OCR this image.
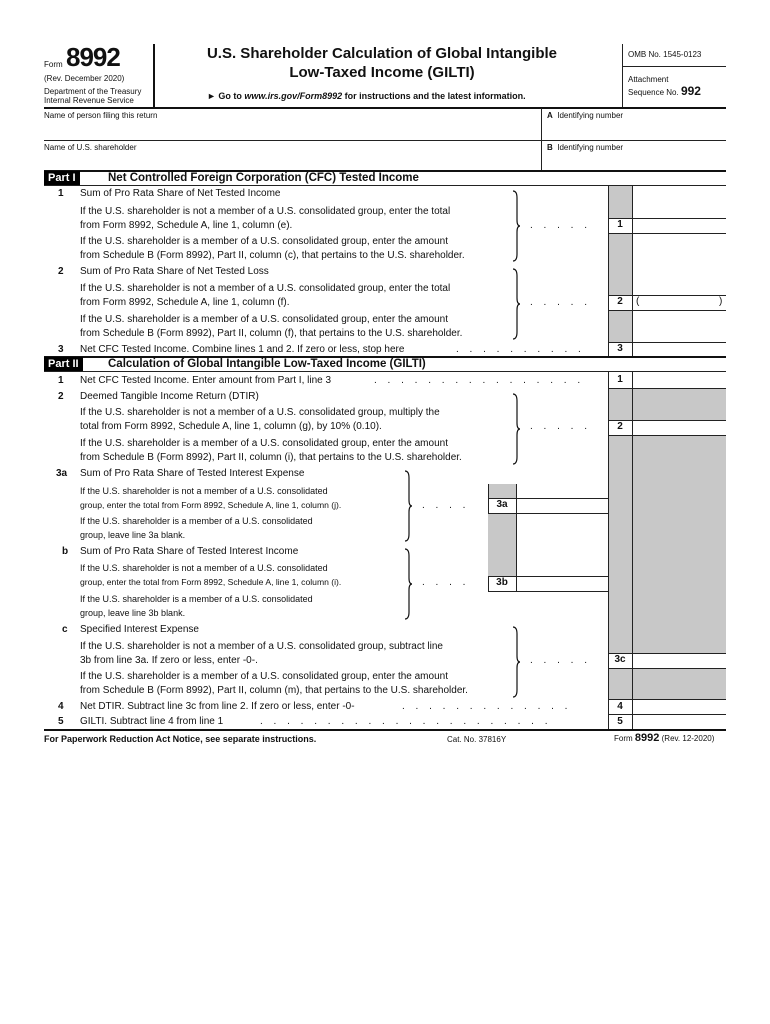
Form 8992
(Rev. December 2020)
Department of the Treasury
Internal Revenue Service
U.S. Shareholder Calculation of Global Intangible
Low-Taxed Income (GILTI)
► Go to www.irs.gov/Form8992 for instructions and the latest information.
OMB No. 1545-0123
Attachment
Sequence No. 992
Name of person filing this return	A Identifying number
Name of U.S. shareholder	B Identifying number
Part I	Net Controlled Foreign Corporation (CFC) Tested Income
1 Sum of Pro Rata Share of Net Tested Income
If the U.S. shareholder is not a member of a U.S. consolidated group, enter the total
from Form 8992, Schedule A, line 1, column (e).
If the U.S. shareholder is a member of a U.S. consolidated group, enter the amount
from Schedule B (Form 8992), Part II, column (c), that pertains to the U.S. shareholder.
. . . . .	1
2 Sum of Pro Rata Share of Net Tested Loss
If the U.S. shareholder is not a member of a U.S. consolidated group, enter the total
from Form 8992, Schedule A, line 1, column (f).
If the U.S. shareholder is a member of a U.S. consolidated group, enter the amount
from Schedule B (Form 8992), Part II, column (f), that pertains to the U.S. shareholder.
. . . . .	2	(	)
3 Net CFC Tested Income. Combine lines 1 and 2. If zero or less, stop here	. . . . . . . . . .	3
Part II	Calculation of Global Intangible Low-Taxed Income (GILTI)
1 Net CFC Tested Income. Enter amount from Part I, line 3	. . . . . . . . . . . . . . . .	1
2 Deemed Tangible Income Return (DTIR)
If the U.S. shareholder is not a member of a U.S. consolidated group, multiply the
total from Form 8992, Schedule A, line 1, column (g), by 10% (0.10).
If the U.S. shareholder is a member of a U.S. consolidated group, enter the amount
from Schedule B (Form 8992), Part II, column (i), that pertains to the U.S. shareholder.
. . . . .	2
3a Sum of Pro Rata Share of Tested Interest Expense
If the U.S. shareholder is not a member of a U.S. consolidated
group, enter the total from Form 8992, Schedule A, line 1, column (j).
If the U.S. shareholder is a member of a U.S. consolidated
group, leave line 3a blank.
. . . .	3a
b Sum of Pro Rata Share of Tested Interest Income
If the U.S. shareholder is not a member of a U.S. consolidated
group, enter the total from Form 8992, Schedule A, line 1, column (i).
If the U.S. shareholder is a member of a U.S. consolidated
group, leave line 3b blank.
. . . .	3b
c Specified Interest Expense
If the U.S. shareholder is not a member of a U.S. consolidated group, subtract line
3b from line 3a. If zero or less, enter -0-.
If the U.S. shareholder is a member of a U.S. consolidated group, enter the amount
from Schedule B (Form 8992), Part II, column (m), that pertains to the U.S. shareholder.
. . . . .	3c
4 Net DTIR. Subtract line 3c from line 2. If zero or less, enter -0-	. . . . . . . . . . . . .	4
5 GILTI. Subtract line 4 from line 1	. . . . . . . . . . . . . . . . . . . . . .	5
For Paperwork Reduction Act Notice, see separate instructions.	Cat. No. 37816Y	Form 8992 (Rev. 12-2020)
